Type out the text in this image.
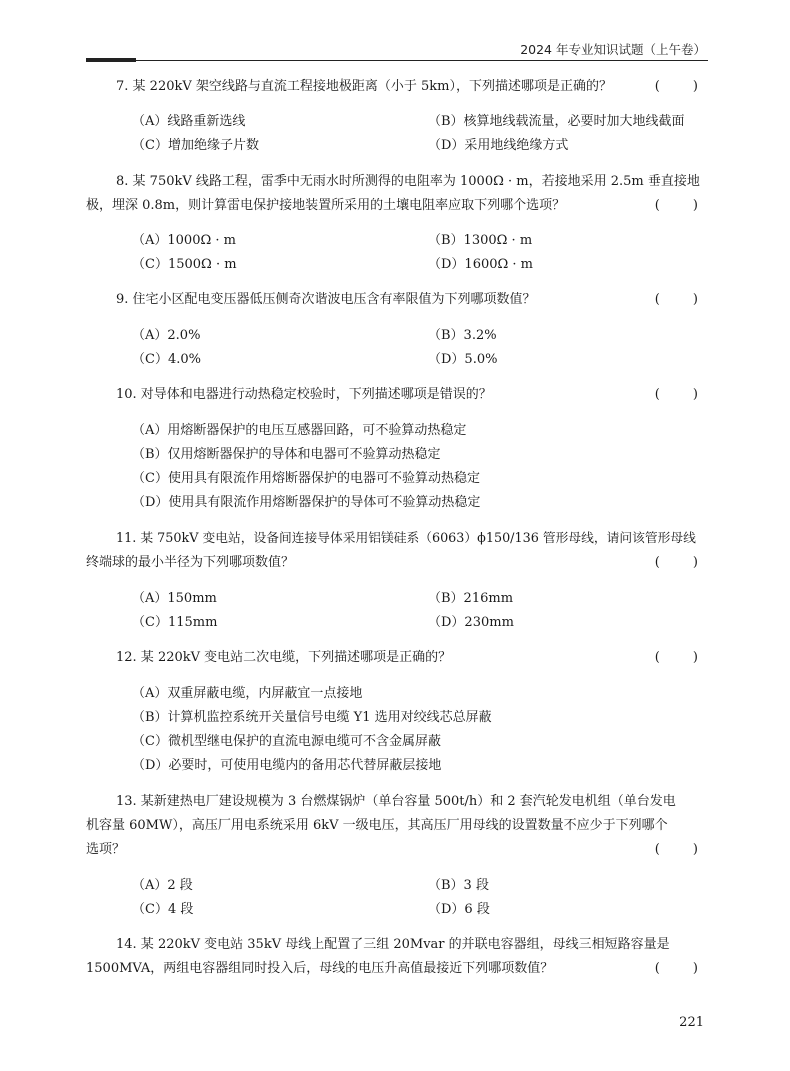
2024 年专业知识试题（上午卷）
7. 某 220kV 架空线路与直流工程接地极距离（小于 5km），下列描述哪项是正确的？	(        )
（A）线路重新选线	（B）核算地线载流量，必要时加大地线截面
（C）增加绝缘子片数	（D）采用地线绝缘方式
8. 某 750kV 线路工程，雷季中无雨水时所测得的电阻率为 1000Ω · m，若接地采用 2.5m 垂直接地
极，埋深 0.8m，则计算雷电保护接地装置所采用的土壤电阻率应取下列哪个选项？	(        )
（A）1000Ω · m	（B）1300Ω · m
（C）1500Ω · m	（D）1600Ω · m
9. 住宅小区配电变压器低压侧奇次谐波电压含有率限值为下列哪项数值？	(        )
（A）2.0%	（B）3.2%
（C）4.0%	（D）5.0%
10. 对导体和电器进行动热稳定校验时，下列描述哪项是错误的？	(        )
（A）用熔断器保护的电压互感器回路，可不验算动热稳定
（B）仅用熔断器保护的导体和电器可不验算动热稳定
（C）使用具有限流作用熔断器保护的电器可不验算动热稳定
（D）使用具有限流作用熔断器保护的导体可不验算动热稳定
11. 某 750kV 变电站，设备间连接导体采用铝镁硅系（6063）ϕ150/136 管形母线，请问该管形母线
终端球的最小半径为下列哪项数值？	(        )
（A）150mm	（B）216mm
（C）115mm	（D）230mm
12. 某 220kV 变电站二次电缆，下列描述哪项是正确的？	(        )
（A）双重屏蔽电缆，内屏蔽宜一点接地
（B）计算机监控系统开关量信号电缆 Y1 选用对绞线芯总屏蔽
（C）微机型继电保护的直流电源电缆可不含金属屏蔽
（D）必要时，可使用电缆内的备用芯代替屏蔽层接地
13. 某新建热电厂建设规模为 3 台燃煤锅炉（单台容量 500t/h）和 2 套汽轮发电机组（单台发电
机容量 60MW），高压厂用电系统采用 6kV 一级电压，其高压厂用母线的设置数量不应少于下列哪个
选项？	(        )
（A）2 段	（B）3 段
（C）4 段	（D）6 段
14. 某 220kV 变电站 35kV 母线上配置了三组 20Mvar 的并联电容器组，母线三相短路容量是
1500MVA，两组电容器组同时投入后，母线的电压升高值最接近下列哪项数值？	(        )
221
